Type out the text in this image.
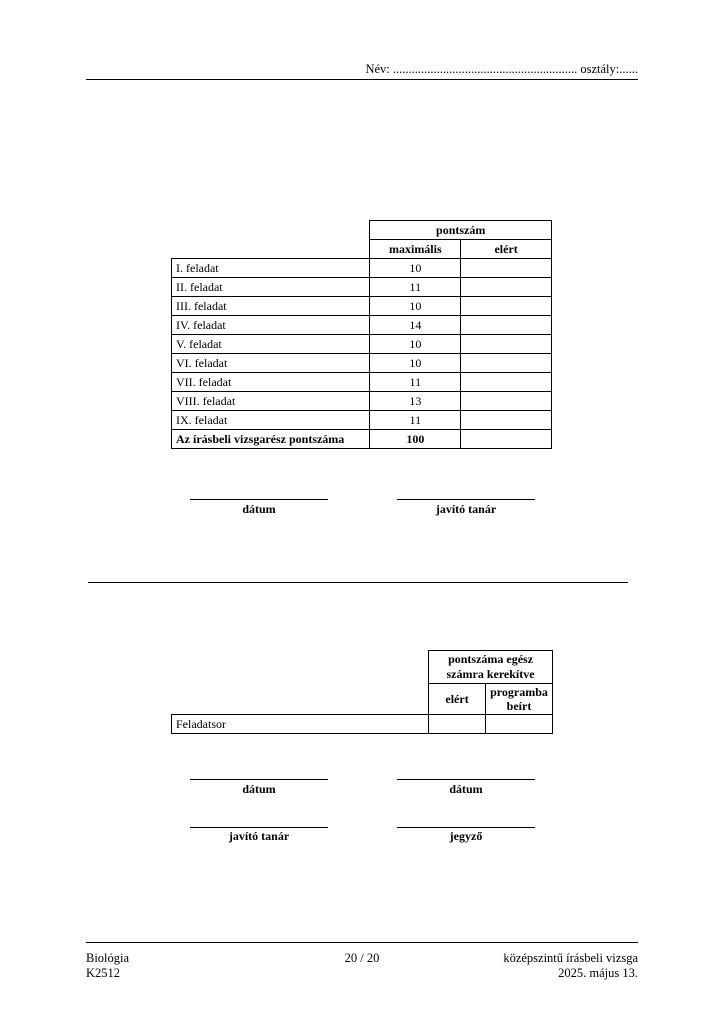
Név: ........................................................... osztály:......
	pontszám	
	maximális	elért
I. feladat	10	
II. feladat	11	
III. feladat	10	
IV. feladat	14	
V. feladat	10	
VI. feladat	10	
VII. feladat	11	
VIII. feladat	13	
IX. feladat	11	
Az írásbeli vizsgarész pontszáma	100	
dátum	javító tanár
	pontszáma egész számra kerekítve	
	elért	programba beírt
Feladatsor		
dátum	dátum
javító tanár	jegyző
Biológia
K2512
20 / 20	középszintű írásbeli vizsga
2025. május 13.
